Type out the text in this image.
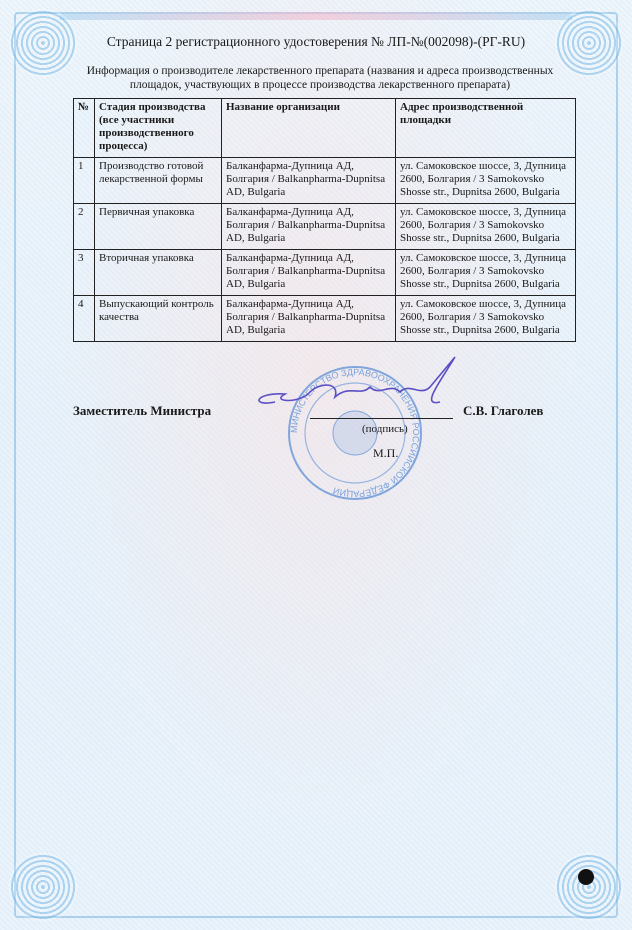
Страница 2 регистрационного удостоверения № ЛП-№(002098)-(РГ-RU)
Информация о производителе лекарственного препарата (названия и адреса производственных площадок, участвующих в процессе производства лекарственного препарата)
№	Стадия производства (все участники производственного процесса)	Название организации	Адрес производственной площадки
1	Производство готовой лекарственной формы	Балканфарма-Дупница АД, Болгария / Balkanpharma-Dupnitsa AD, Bulgaria	ул. Самоковское шоссе, 3, Дупница 2600, Болгария / 3 Samokovsko Shosse str., Dupnitsa 2600, Bulgaria
2	Первичная упаковка	Балканфарма-Дупница АД, Болгария / Balkanpharma-Dupnitsa AD, Bulgaria	ул. Самоковское шоссе, 3, Дупница 2600, Болгария / 3 Samokovsko Shosse str., Dupnitsa 2600, Bulgaria
3	Вторичная упаковка	Балканфарма-Дупница АД, Болгария / Balkanpharma-Dupnitsa AD, Bulgaria	ул. Самоковское шоссе, 3, Дупница 2600, Болгария / 3 Samokovsko Shosse str., Dupnitsa 2600, Bulgaria
4	Выпускающий контроль качества	Балканфарма-Дупница АД, Болгария / Balkanpharma-Dupnitsa AD, Bulgaria	ул. Самоковское шоссе, 3, Дупница 2600, Болгария / 3 Samokovsko Shosse str., Dupnitsa 2600, Bulgaria
МИНИСТЕРСТВО ЗДРАВООХРАНЕНИЯ РОССИЙСКОЙ ФЕДЕРАЦИИ
Заместитель Министра	С.В. Глаголев
(подпись)
М.П.
